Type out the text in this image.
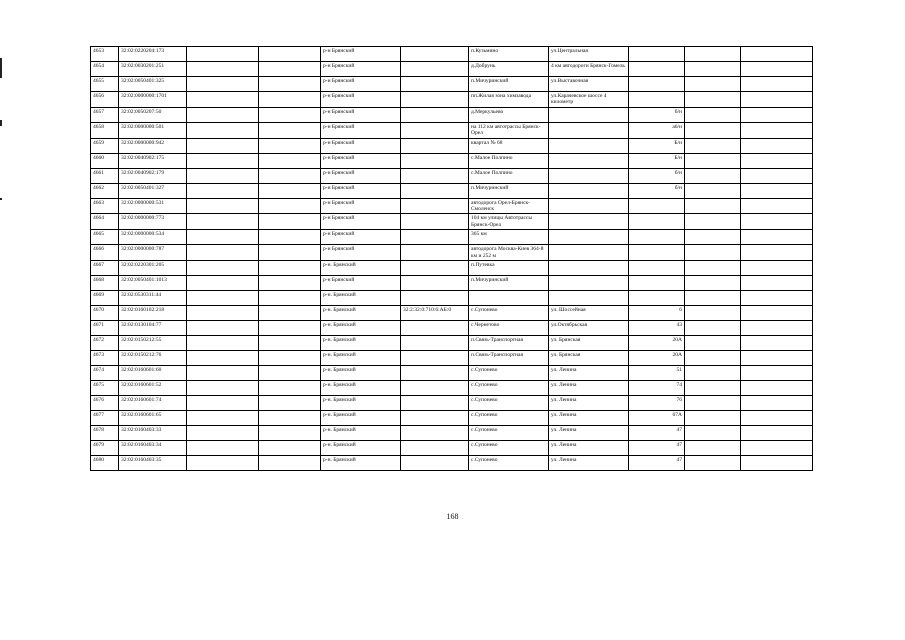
4653	32:02:0220204:173			р-н Брянский		п.Кузьмино	ул.Центральная			
4654	32:02:0030201:251			р-н Брянский		д.Добрунь	4 км автодороги Брянск-Гомель			
4655	32:02:0050401:325			р-н Брянский		п.Мичуринский	ул.Выставочная			
4656	32:02:0000000:1701			р-н Брянский		пп.Жилая зона химзавода	ул.Карачевское шоссе 4 километр			
4657	32:02:0050207:50			р-н Брянский		д.Меркульево		б/н		
4658	32:02:0000000:501			р-н Брянский		на 112 км автотрассы Брянск-Орел		а6/н		
4659	32:02:0000000:942			р-н Брянский		квартал № 68		Б/н		
4660	32:02:0040902:175			р-н Брянский		с.Малое Полпино		Б/н		
4661	32:02:0040902:179			р-н Брянский		с.Малое Полпино		б/н		
4662	32:02:0050401:327			р-н Брянский		п.Мичуринский		б/н		
4663	32:02:0000000:531			р-н Брянский		автодорога Орел-Брянск-Смоленск				
4664	32:02:0000000:773			р-н Брянский		104 км улицы Автотрассы Брянск-Орел				
4665	32:02:0000000:534			р-н Брянский		365 км				
4666	32:02:0000000:787			р-н Брянский		автодорога Москва-Киев 364-й км и 252 м				
4667	32:02:0220301:205			р-н. Брянский		п.Путевка				
4668	32:02:0050401:1013			р-н Брянский		п.Мичуринский				
4669	32:02:0530311:44			р-н. Брянский						
4670	32:02:0160102:218			р-н. Брянский	32:2:32:0:710:6:АБ:0	с.Супонево	ул. Шоссейная	6		
4671	32:02:0130104:77			р-н. Брянский		с.Чернетово	ул.Октябрьская	43		
4672	32:02:0150212:55			р-н. Брянский		п.Связь-Транспортная	ул. Брянская	20А		
4673	32:02:0150212:76			р-н. Брянский		п.Связь-Транспортная	ул. Брянская	20А		
4674	32:02:0160601:60			р-н. Брянский		с.Супонево	ул. Ленина	51		
4675	32:02:0160601:52			р-н. Брянский		с.Супонево	ул. Ленина	74		
4676	32:02:0160601:74			р-н. Брянский		с.Супонево	ул. Ленина	76		
4677	32:02:0160601:65			р-н. Брянский		с.Супонево	ул. Ленина	67А		
4678	32:02:0160403:33			р-н. Брянский		с.Супонево	ул. Ленина	47		
4679	32:02:0160403:34			р-н. Брянский		с.Супонево	ул. Ленина	47		
4680	32:02:0160403:35			р-н. Брянский		с.Супонево	ул. Ленина	47		
168
